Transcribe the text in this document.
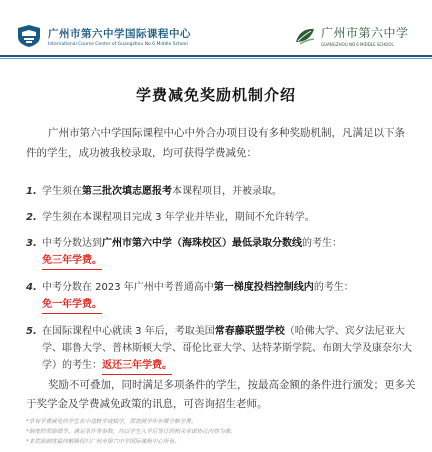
广州市第六中学国际课程中心
International Course Center of Guangzhou No.6 Middle School
广州市第六中学
GUANGZHOU NO.6 MIDDLE SCHOOL
学费减免奖励机制介绍
广州市第六中学国际课程中心中外合办项目设有多种奖励机制，凡满足以下条件的学生，成功被我校录取，均可获得学费减免：
1. 学生须在第三批次填志愿报考本课程项目，并被录取。
2. 学生须在本课程项目完成 3 年学业并毕业，期间不允许转学。
3. 中考分数达到广州市第六中学（海珠校区）最低录取分数线的考生：
免三年学费。
4. 中考分数在 2023 年广州中考普通高中第一梯度投档控制线内的考生：
免一年学费。
5. 在国际课程中心就读 3 年后，考取美国常春藤联盟学校（哈佛大学、宾夕法尼亚大学、耶鲁大学、普林斯顿大学、哥伦比亚大学、达特茅斯学院、布朗大学及康奈尔大学）的考生：返还三年学费。
奖励不可叠加，同时满足多项条件的学生，按最高金额的条件进行颁发；更多关于奖学金及学费减免政策的讯息，可咨询招生老师。
*享有学费减免的学生若中途转学或辍学，需按照学年补缴全额学费。
*制度的奖励细节、满足条件等参数，均以学生入学后签订的相关承诺协议内容为准。
*本奖励制度最终解释权归广州市第六中学国际课程中心所有。
